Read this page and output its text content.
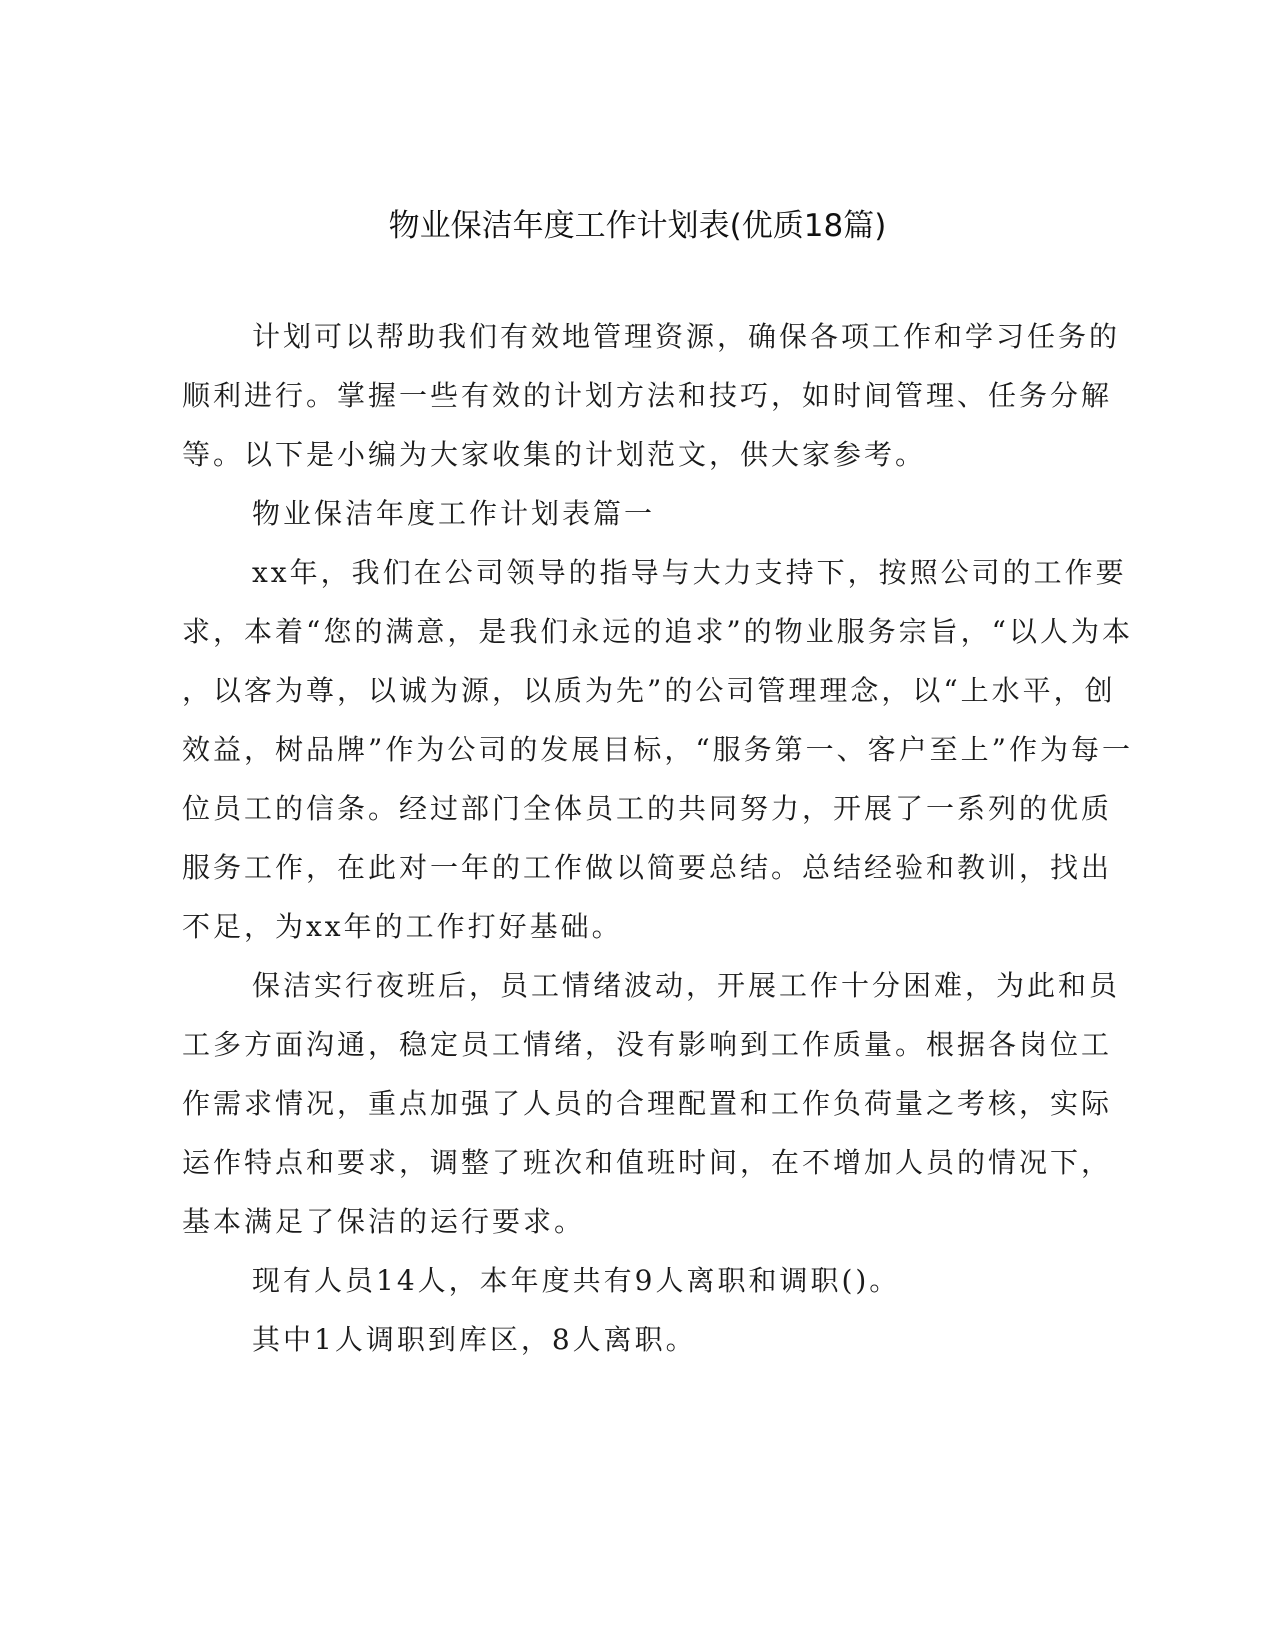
物业保洁年度工作计划表(优质18篇)
计划可以帮助我们有效地管理资源，确保各项工作和学习任务的
顺利进行。掌握一些有效的计划方法和技巧，如时间管理、任务分解
等。以下是小编为大家收集的计划范文，供大家参考。
物业保洁年度工作计划表篇一
xx年，我们在公司领导的指导与大力支持下，按照公司的工作要
求，本着“您的满意，是我们永远的追求”的物业服务宗旨，“以人为本
，以客为尊，以诚为源，以质为先”的公司管理理念，以“上水平，创
效益，树品牌”作为公司的发展目标，“服务第一、客户至上”作为每一
位员工的信条。经过部门全体员工的共同努力，开展了一系列的优质
服务工作，在此对一年的工作做以简要总结。总结经验和教训，找出
不足，为xx年的工作打好基础。
保洁实行夜班后，员工情绪波动，开展工作十分困难，为此和员
工多方面沟通，稳定员工情绪，没有影响到工作质量。根据各岗位工
作需求情况，重点加强了人员的合理配置和工作负荷量之考核，实际
运作特点和要求，调整了班次和值班时间，在不增加人员的情况下，
基本满足了保洁的运行要求。
现有人员14人，本年度共有9人离职和调职()。
其中1人调职到库区，8人离职。
